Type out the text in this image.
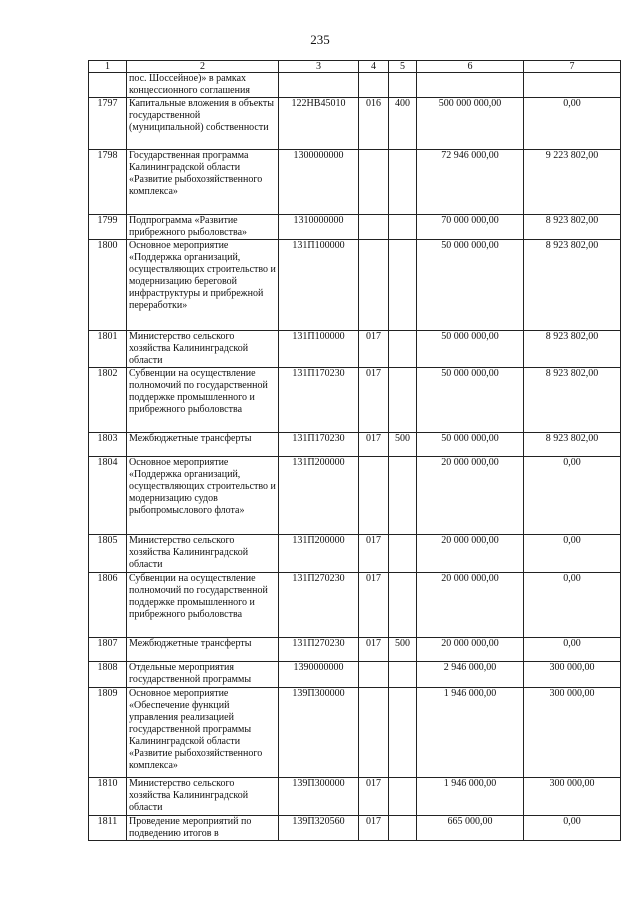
235
1	2	3	4	5	6	7
	пос. Шоссейное)» в рамках концессионного соглашения					
1797	Капитальные вложения в объекты государственной (муниципальной) собственности	122НВ45010	016	400	500 000 000,00	0,00
1798	Государственная программа Калининградской области «Развитие рыбохозяйственного комплекса»	1300000000			72 946 000,00	9 223 802,00
1799	Подпрограмма «Развитие прибрежного рыболовства»	1310000000			70 000 000,00	8 923 802,00
1800	Основное мероприятие «Поддержка организаций, осуществляющих строительство и модернизацию береговой инфраструктуры и прибрежной переработки»	131П100000			50 000 000,00	8 923 802,00
1801	Министерство сельского хозяйства Калининградской области	131П100000	017		50 000 000,00	8 923 802,00
1802	Субвенции на осуществление полномочий по государственной поддержке промышленного и прибрежного рыболовства	131П170230	017		50 000 000,00	8 923 802,00
1803	Межбюджетные трансферты	131П170230	017	500	50 000 000,00	8 923 802,00
1804	Основное мероприятие «Поддержка организаций, осуществляющих строительство и модернизацию судов рыбопромыслового флота»	131П200000			20 000 000,00	0,00
1805	Министерство сельского хозяйства Калининградской области	131П200000	017		20 000 000,00	0,00
1806	Субвенции на осуществление полномочий по государственной поддержке промышленного и прибрежного рыболовства	131П270230	017		20 000 000,00	0,00
1807	Межбюджетные трансферты	131П270230	017	500	20 000 000,00	0,00
1808	Отдельные мероприятия государственной программы	1390000000			2 946 000,00	300 000,00
1809	Основное мероприятие «Обеспечение функций управления реализацией государственной программы Калининградской области «Развитие рыбохозяйственного комплекса»	139П300000			1 946 000,00	300 000,00
1810	Министерство сельского хозяйства Калининградской области	139П300000	017		1 946 000,00	300 000,00
1811	Проведение мероприятий по подведению итогов в	139П320560	017		665 000,00	0,00
